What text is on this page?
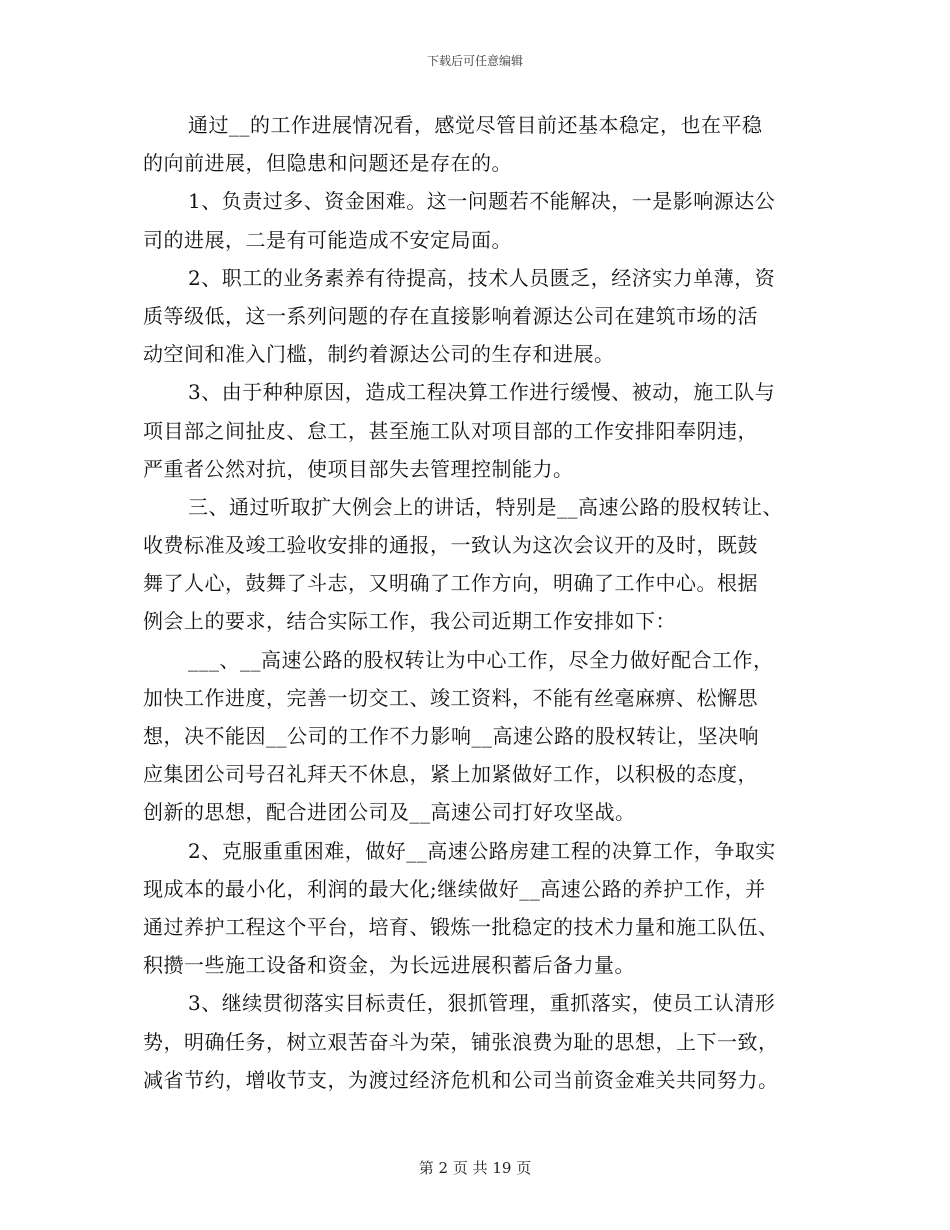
下载后可任意编辑
通过__的工作进展情况看，感觉尽管目前还基本稳定，也在平稳
的向前进展，但隐患和问题还是存在的。
1、负责过多、资金困难。这一问题若不能解决，一是影响源达公
司的进展，二是有可能造成不安定局面。
2、职工的业务素养有待提高，技术人员匮乏，经济实力单薄，资
质等级低，这一系列问题的存在直接影响着源达公司在建筑市场的活
动空间和准入门槛，制约着源达公司的生存和进展。
3、由于种种原因，造成工程决算工作进行缓慢、被动，施工队与
项目部之间扯皮、怠工，甚至施工队对项目部的工作安排阳奉阴违，
严重者公然对抗，使项目部失去管理控制能力。
三、通过听取扩大例会上的讲话，特别是__高速公路的股权转让、
收费标准及竣工验收安排的通报，一致认为这次会议开的及时，既鼓
舞了人心，鼓舞了斗志，又明确了工作方向，明确了工作中心。根据
例会上的要求，结合实际工作，我公司近期工作安排如下：
___、__高速公路的股权转让为中心工作，尽全力做好配合工作，
加快工作进度，完善一切交工、竣工资料，不能有丝毫麻痹、松懈思
想，决不能因__公司的工作不力影响__高速公路的股权转让，坚决响
应集团公司号召礼拜天不休息，紧上加紧做好工作，以积极的态度，
创新的思想，配合进团公司及__高速公司打好攻坚战。
2、克服重重困难，做好__高速公路房建工程的决算工作，争取实
现成本的最小化，利润的最大化;继续做好__高速公路的养护工作，并
通过养护工程这个平台，培育、锻炼一批稳定的技术力量和施工队伍、
积攒一些施工设备和资金，为长远进展积蓄后备力量。
3、继续贯彻落实目标责任，狠抓管理，重抓落实，使员工认清形
势，明确任务，树立艰苦奋斗为荣，铺张浪费为耻的思想，上下一致，
减省节约，增收节支，为渡过经济危机和公司当前资金难关共同努力。
第 2 页 共 19 页
